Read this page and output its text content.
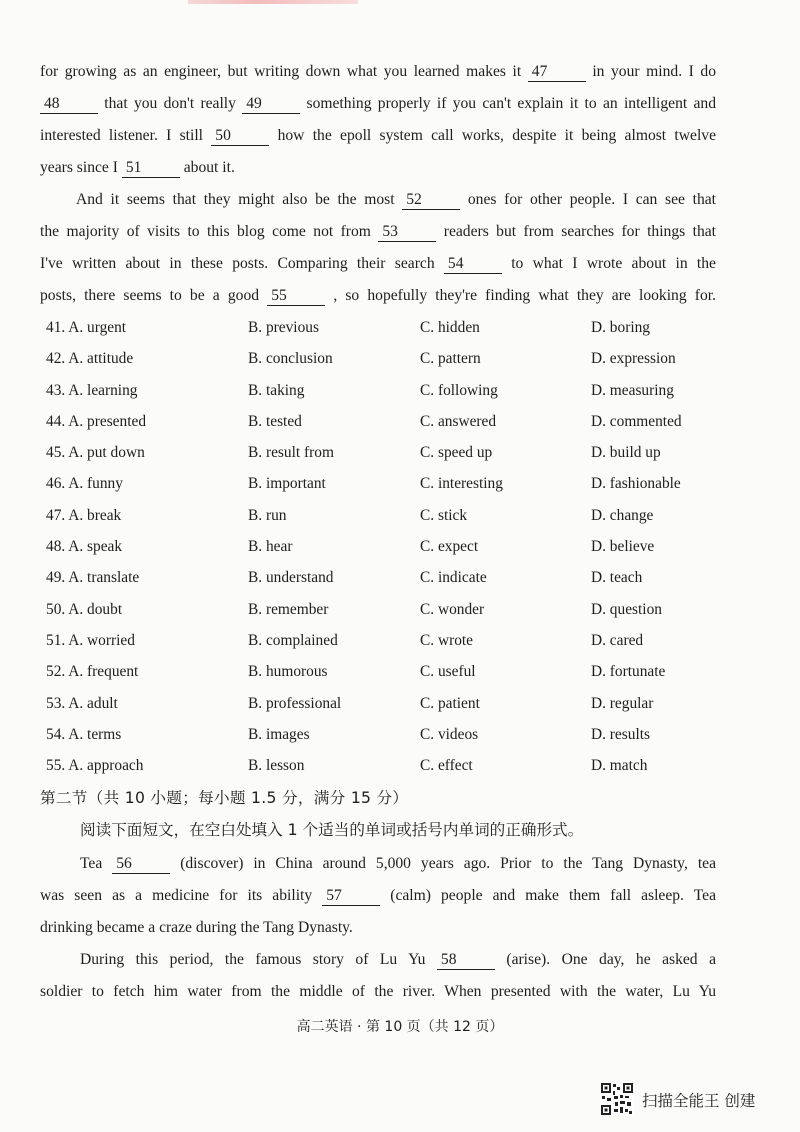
for growing as an engineer, but writing down what you learned makes it 47 in your mind. I do
48 that you don't really 49 something properly if you can't explain it to an intelligent and
interested listener. I still 50 how the epoll system call works, despite it being almost twelve
years since I 51 about it.
And it seems that they might also be the most 52 ones for other people. I can see that
the majority of visits to this blog come not from 53 readers but from searches for things that
I've written about in these posts. Comparing their search 54 to what I wrote about in the
posts, there seems to be a good 55 , so hopefully they're finding what they are looking for.
41. A. urgent	B. previous	C. hidden	D. boring
42. A. attitude	B. conclusion	C. pattern	D. expression
43. A. learning	B. taking	C. following	D. measuring
44. A. presented	B. tested	C. answered	D. commented
45. A. put down	B. result from	C. speed up	D. build up
46. A. funny	B. important	C. interesting	D. fashionable
47. A. break	B. run	C. stick	D. change
48. A. speak	B. hear	C. expect	D. believe
49. A. translate	B. understand	C. indicate	D. teach
50. A. doubt	B. remember	C. wonder	D. question
51. A. worried	B. complained	C. wrote	D. cared
52. A. frequent	B. humorous	C. useful	D. fortunate
53. A. adult	B. professional	C. patient	D. regular
54. A. terms	B. images	C. videos	D. results
55. A. approach	B. lesson	C. effect	D. match
第二节（共 10 小题；每小题 1.5 分，满分 15 分）
阅读下面短文，在空白处填入 1 个适当的单词或括号内单词的正确形式。
Tea 56 (discover) in China around 5,000 years ago. Prior to the Tang Dynasty, tea
was seen as a medicine for its ability 57 (calm) people and make them fall asleep. Tea
drinking became a craze during the Tang Dynasty.
During this period, the famous story of Lu Yu 58 (arise). One day, he asked a
soldier to fetch him water from the middle of the river. When presented with the water, Lu Yu
高二英语 · 第 10 页（共 12 页）
扫描全能王 创建
